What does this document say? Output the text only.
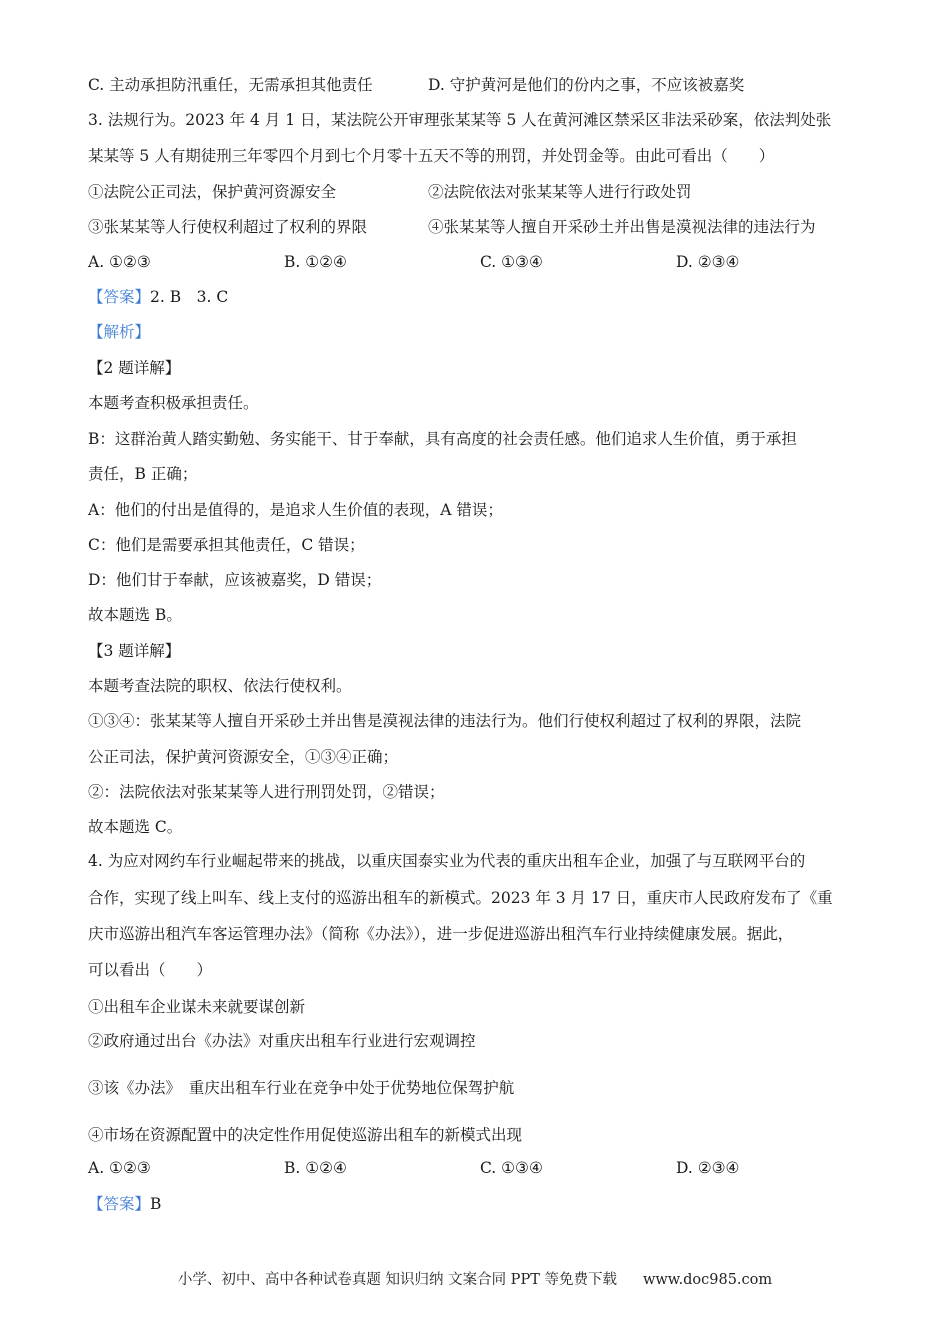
C. 主动承担防汛重任，无需承担其他责任	D. 守护黄河是他们的份内之事，不应该被嘉奖
3. 法规行为。2023 年 4 月 1 日，某法院公开审理张某某等 5 人在黄河滩区禁采区非法采砂案，依法判处张
某某等 5 人有期徒刑三年零四个月到七个月零十五天不等的刑罚，并处罚金等。由此可看出（　　）
①法院公正司法，保护黄河资源安全	②法院依法对张某某等人进行行政处罚
③张某某等人行使权利超过了权利的界限	④张某某等人擅自开采砂土并出售是漠视法律的违法行为
A. ①②③	B. ①②④	C. ①③④	D. ②③④
【答案】2. B　3. C
【解析】
【2 题详解】
本题考查积极承担责任。
B：这群治黄人踏实勤勉、务实能干、甘于奉献，具有高度的社会责任感。他们追求人生价值，勇于承担
责任，B 正确；
A：他们的付出是值得的，是追求人生价值的表现，A 错误；
C：他们是需要承担其他责任，C 错误；
D：他们甘于奉献，应该被嘉奖，D 错误；
故本题选 B。
【3 题详解】
本题考查法院的职权、依法行使权利。
①③④：张某某等人擅自开采砂土并出售是漠视法律的违法行为。他们行使权利超过了权利的界限，法院
公正司法，保护黄河资源安全，①③④正确；
②：法院依法对张某某等人进行刑罚处罚，②错误；
故本题选 C。
4. 为应对网约车行业崛起带来的挑战，以重庆国泰实业为代表的重庆出租车企业，加强了与互联网平台的
合作，实现了线上叫车、线上支付的巡游出租车的新模式。2023 年 3 月 17 日，重庆市人民政府发布了《重
庆市巡游出租汽车客运管理办法》（简称《办法》），进一步促进巡游出租汽车行业持续健康发展。据此，
可以看出（　　）
①出租车企业谋未来就要谋创新
②政府通过出台《办法》对重庆出租车行业进行宏观调控
③该《办法》　重庆出租车行业在竞争中处于优势地位保驾护航
④市场在资源配置中的决定性作用促使巡游出租车的新模式出现
A. ①②③	B. ①②④	C. ①③④	D. ②③④
【答案】B
小学、初中、高中各种试卷真题 知识归纳 文案合同 PPT 等免费下载 www.doc985.com
